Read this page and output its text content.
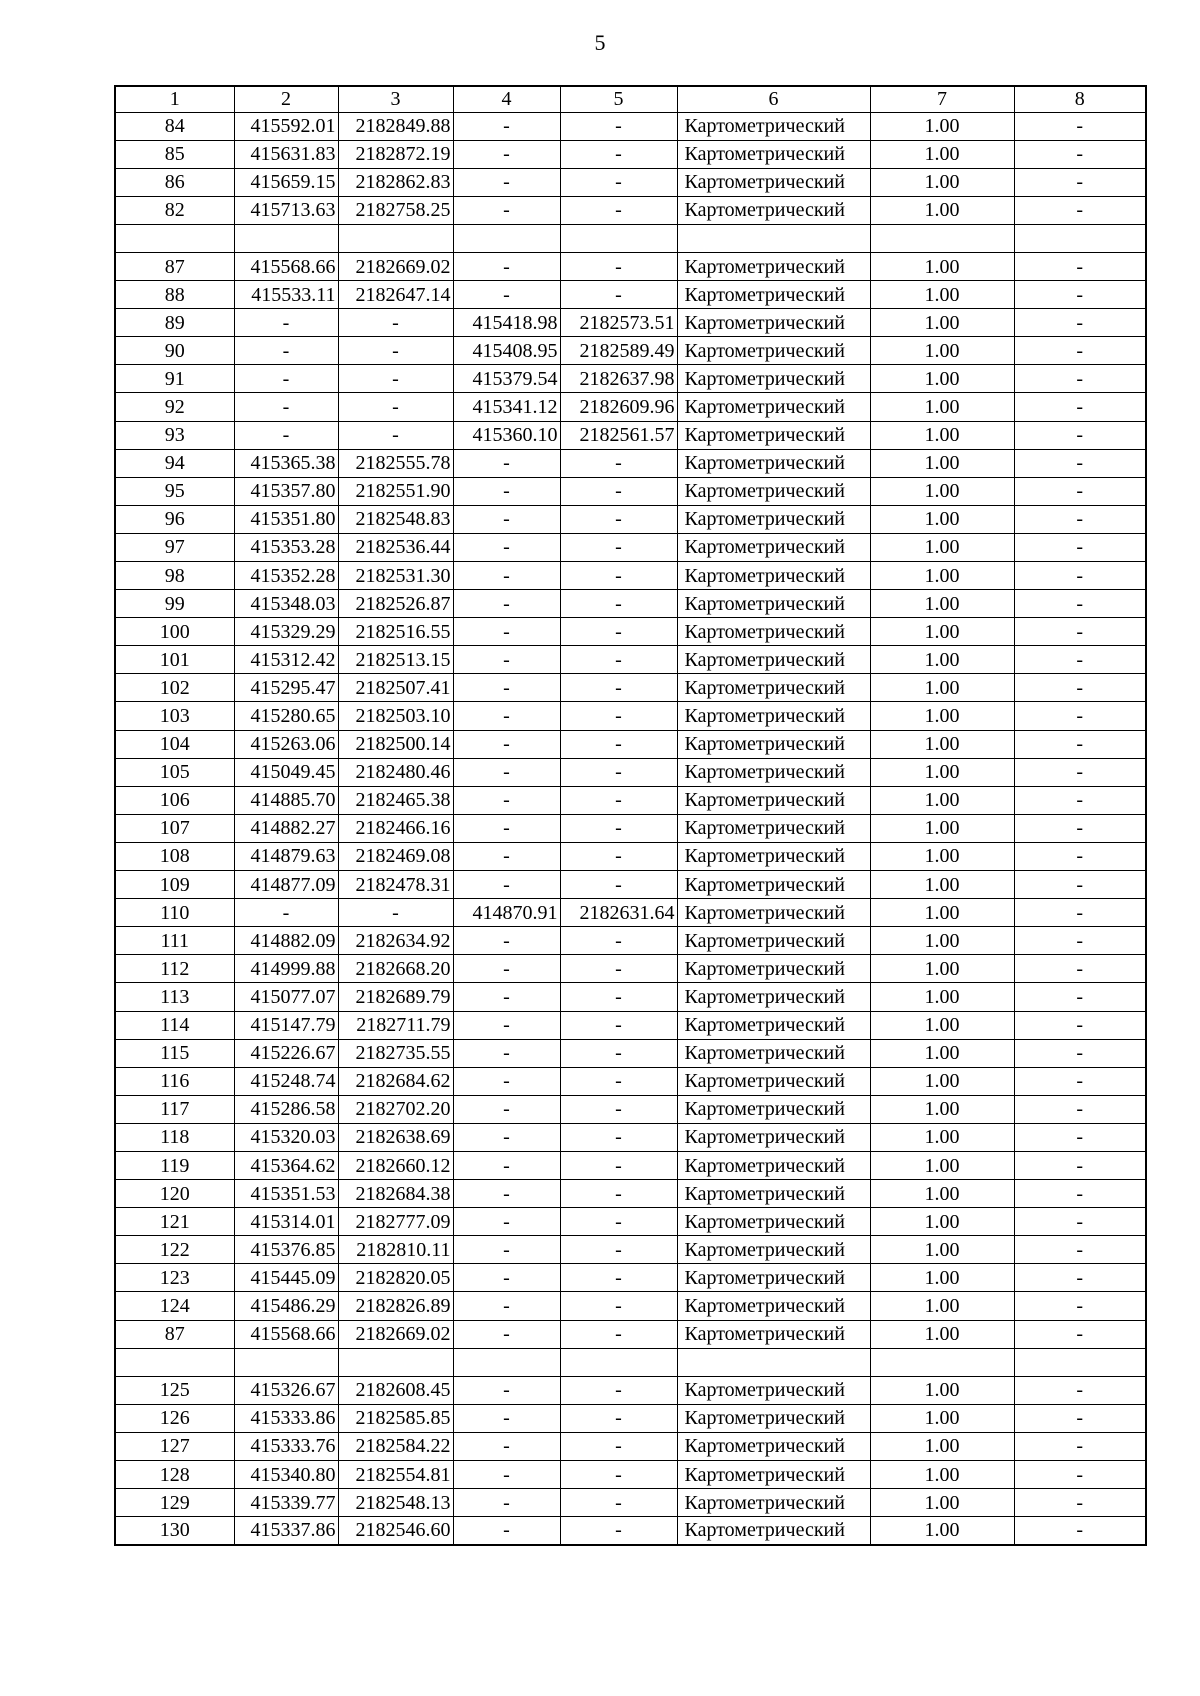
5
1	2	3	4	5	6	7	8
84	415592.01	2182849.88	-	-	Картометрический	1.00	-
85	415631.83	2182872.19	-	-	Картометрический	1.00	-
86	415659.15	2182862.83	-	-	Картометрический	1.00	-
82	415713.63	2182758.25	-	-	Картометрический	1.00	-

87	415568.66	2182669.02	-	-	Картометрический	1.00	-
88	415533.11	2182647.14	-	-	Картометрический	1.00	-
89	-	-	415418.98	2182573.51	Картометрический	1.00	-
90	-	-	415408.95	2182589.49	Картометрический	1.00	-
91	-	-	415379.54	2182637.98	Картометрический	1.00	-
92	-	-	415341.12	2182609.96	Картометрический	1.00	-
93	-	-	415360.10	2182561.57	Картометрический	1.00	-
94	415365.38	2182555.78	-	-	Картометрический	1.00	-
95	415357.80	2182551.90	-	-	Картометрический	1.00	-
96	415351.80	2182548.83	-	-	Картометрический	1.00	-
97	415353.28	2182536.44	-	-	Картометрический	1.00	-
98	415352.28	2182531.30	-	-	Картометрический	1.00	-
99	415348.03	2182526.87	-	-	Картометрический	1.00	-
100	415329.29	2182516.55	-	-	Картометрический	1.00	-
101	415312.42	2182513.15	-	-	Картометрический	1.00	-
102	415295.47	2182507.41	-	-	Картометрический	1.00	-
103	415280.65	2182503.10	-	-	Картометрический	1.00	-
104	415263.06	2182500.14	-	-	Картометрический	1.00	-
105	415049.45	2182480.46	-	-	Картометрический	1.00	-
106	414885.70	2182465.38	-	-	Картометрический	1.00	-
107	414882.27	2182466.16	-	-	Картометрический	1.00	-
108	414879.63	2182469.08	-	-	Картометрический	1.00	-
109	414877.09	2182478.31	-	-	Картометрический	1.00	-
110	-	-	414870.91	2182631.64	Картометрический	1.00	-
111	414882.09	2182634.92	-	-	Картометрический	1.00	-
112	414999.88	2182668.20	-	-	Картометрический	1.00	-
113	415077.07	2182689.79	-	-	Картометрический	1.00	-
114	415147.79	2182711.79	-	-	Картометрический	1.00	-
115	415226.67	2182735.55	-	-	Картометрический	1.00	-
116	415248.74	2182684.62	-	-	Картометрический	1.00	-
117	415286.58	2182702.20	-	-	Картометрический	1.00	-
118	415320.03	2182638.69	-	-	Картометрический	1.00	-
119	415364.62	2182660.12	-	-	Картометрический	1.00	-
120	415351.53	2182684.38	-	-	Картометрический	1.00	-
121	415314.01	2182777.09	-	-	Картометрический	1.00	-
122	415376.85	2182810.11	-	-	Картометрический	1.00	-
123	415445.09	2182820.05	-	-	Картометрический	1.00	-
124	415486.29	2182826.89	-	-	Картометрический	1.00	-
87	415568.66	2182669.02	-	-	Картометрический	1.00	-

125	415326.67	2182608.45	-	-	Картометрический	1.00	-
126	415333.86	2182585.85	-	-	Картометрический	1.00	-
127	415333.76	2182584.22	-	-	Картометрический	1.00	-
128	415340.80	2182554.81	-	-	Картометрический	1.00	-
129	415339.77	2182548.13	-	-	Картометрический	1.00	-
130	415337.86	2182546.60	-	-	Картометрический	1.00	-
